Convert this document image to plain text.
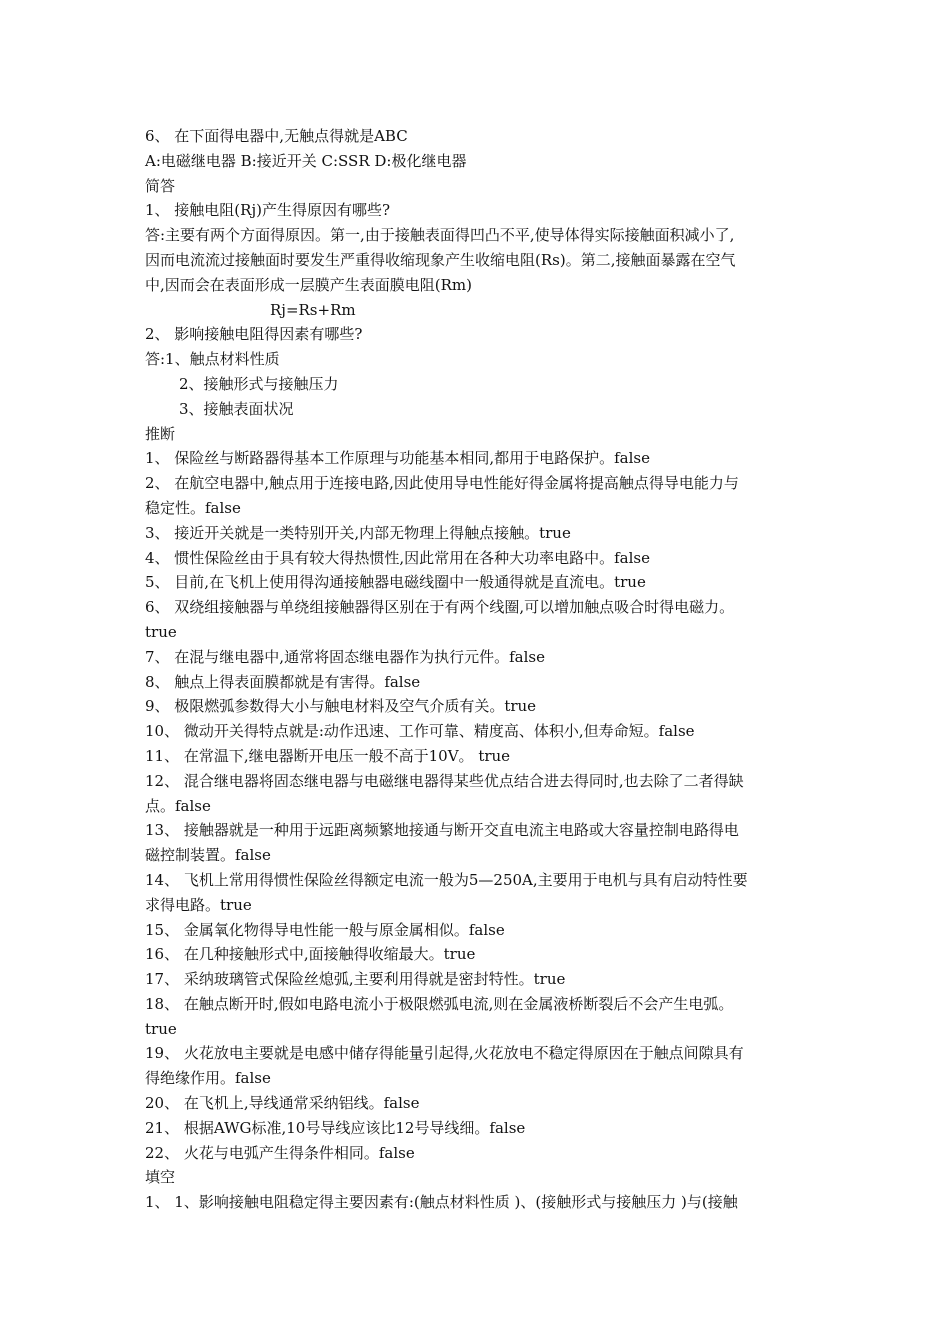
6、 在下面得电器中,无触点得就是ABC
A:电磁继电器 B:接近开关 C:SSR D:极化继电器
简答
1、 接触电阻(Rj)产生得原因有哪些?
答:主要有两个方面得原因。第一,由于接触表面得凹凸不平,使导体得实际接触面积减小了,
因而电流流过接触面时要发生严重得收缩现象产生收缩电阻(Rs)。第二,接触面暴露在空气
中,因而会在表面形成一层膜产生表面膜电阻(Rm)
Rj=Rs+Rm
2、 影响接触电阻得因素有哪些?
答:1、触点材料性质
2、接触形式与接触压力
3、接触表面状况
推断
1、 保险丝与断路器得基本工作原理与功能基本相同,都用于电路保护。false
2、 在航空电器中,触点用于连接电路,因此使用导电性能好得金属将提高触点得导电能力与
稳定性。false
3、 接近开关就是一类特别开关,内部无物理上得触点接触。true
4、 惯性保险丝由于具有较大得热惯性,因此常用在各种大功率电路中。false
5、 目前,在飞机上使用得沟通接触器电磁线圈中一般通得就是直流电。true
6、 双绕组接触器与单绕组接触器得区别在于有两个线圈,可以增加触点吸合时得电磁力。
true
7、 在混与继电器中,通常将固态继电器作为执行元件。false
8、 触点上得表面膜都就是有害得。false
9、 极限燃弧参数得大小与触电材料及空气介质有关。true
10、 微动开关得特点就是:动作迅速、工作可靠、精度高、体积小,但寿命短。false
11、 在常温下,继电器断开电压一般不高于10V。 true
12、 混合继电器将固态继电器与电磁继电器得某些优点结合进去得同时,也去除了二者得缺
点。false
13、 接触器就是一种用于远距离频繁地接通与断开交直电流主电路或大容量控制电路得电
磁控制装置。false
14、 飞机上常用得惯性保险丝得额定电流一般为5—250A,主要用于电机与具有启动特性要
求得电路。true
15、 金属氧化物得导电性能一般与原金属相似。false
16、 在几种接触形式中,面接触得收缩最大。true
17、 采纳玻璃管式保险丝熄弧,主要利用得就是密封特性。true
18、 在触点断开时,假如电路电流小于极限燃弧电流,则在金属液桥断裂后不会产生电弧。
true
19、 火花放电主要就是电感中储存得能量引起得,火花放电不稳定得原因在于触点间隙具有
得绝缘作用。false
20、 在飞机上,导线通常采纳铝线。false
21、 根据AWG标准,10号导线应该比12号导线细。false
22、 火花与电弧产生得条件相同。false
填空
1、 1、影响接触电阻稳定得主要因素有:(触点材料性质 )、(接触形式与接触压力 )与(接触
